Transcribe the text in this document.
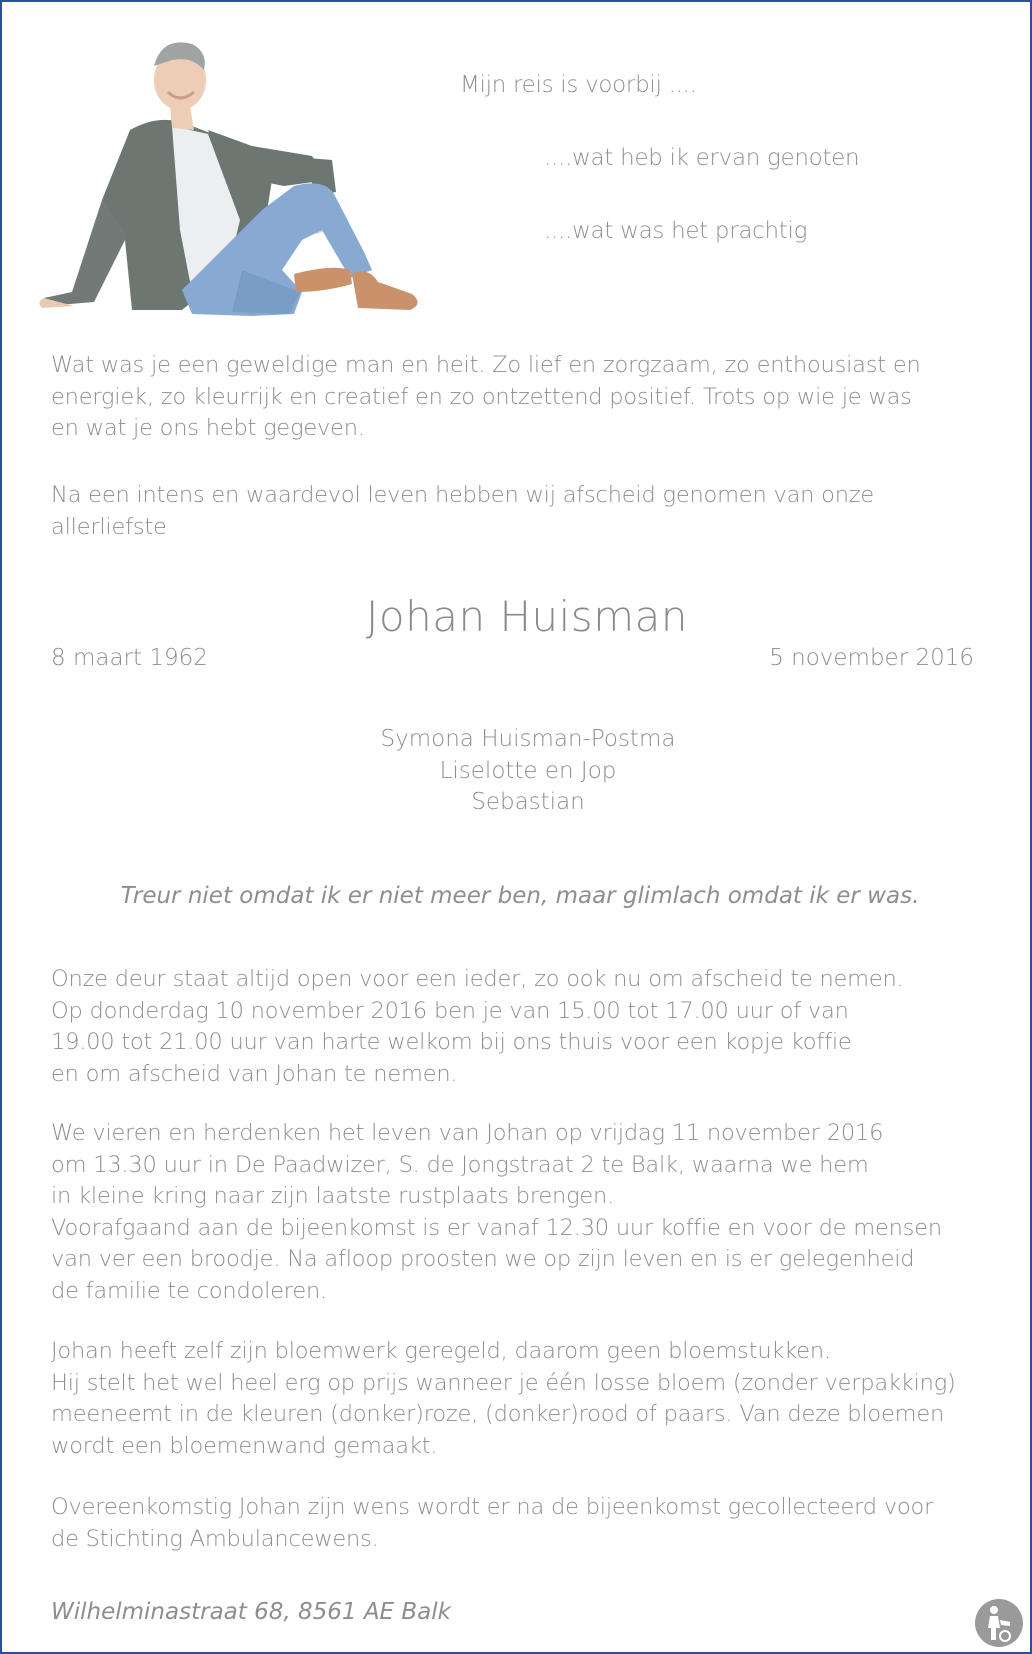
Mijn reis is voorbij ....
....wat heb ik ervan genoten
....wat was het prachtig
Wat was je een geweldige man en heit. Zo lief en zorgzaam, zo enthousiast en
energiek, zo kleurrijk en creatief en zo ontzettend positief. Trots op wie je was
en wat je ons hebt gegeven.
Na een intens en waardevol leven hebben wij afscheid genomen van onze
allerliefste
Johan Huisman
8 maart 1962	5 november 2016
Symona Huisman-Postma
Liselotte en Jop
Sebastian
Treur niet omdat ik er niet meer ben, maar glimlach omdat ik er was.
Onze deur staat altijd open voor een ieder, zo ook nu om afscheid te nemen.
Op donderdag 10 november 2016 ben je van 15.00 tot 17.00 uur of van
19.00 tot 21.00 uur van harte welkom bij ons thuis voor een kopje koffie
en om afscheid van Johan te nemen.
We vieren en herdenken het leven van Johan op vrijdag 11 november 2016
om 13.30 uur in De Paadwizer, S. de Jongstraat 2 te Balk, waarna we hem
in kleine kring naar zijn laatste rustplaats brengen.
Voorafgaand aan de bijeenkomst is er vanaf 12.30 uur koffie en voor de mensen
van ver een broodje. Na afloop proosten we op zijn leven en is er gelegenheid
de familie te condoleren.
Johan heeft zelf zijn bloemwerk geregeld, daarom geen bloemstukken.
Hij stelt het wel heel erg op prijs wanneer je één losse bloem (zonder verpakking)
meeneemt in de kleuren (donker)roze, (donker)rood of paars. Van deze bloemen
wordt een bloemenwand gemaakt.
Overeenkomstig Johan zijn wens wordt er na de bijeenkomst gecollecteerd voor
de Stichting Ambulancewens.
Wilhelminastraat 68, 8561 AE Balk
